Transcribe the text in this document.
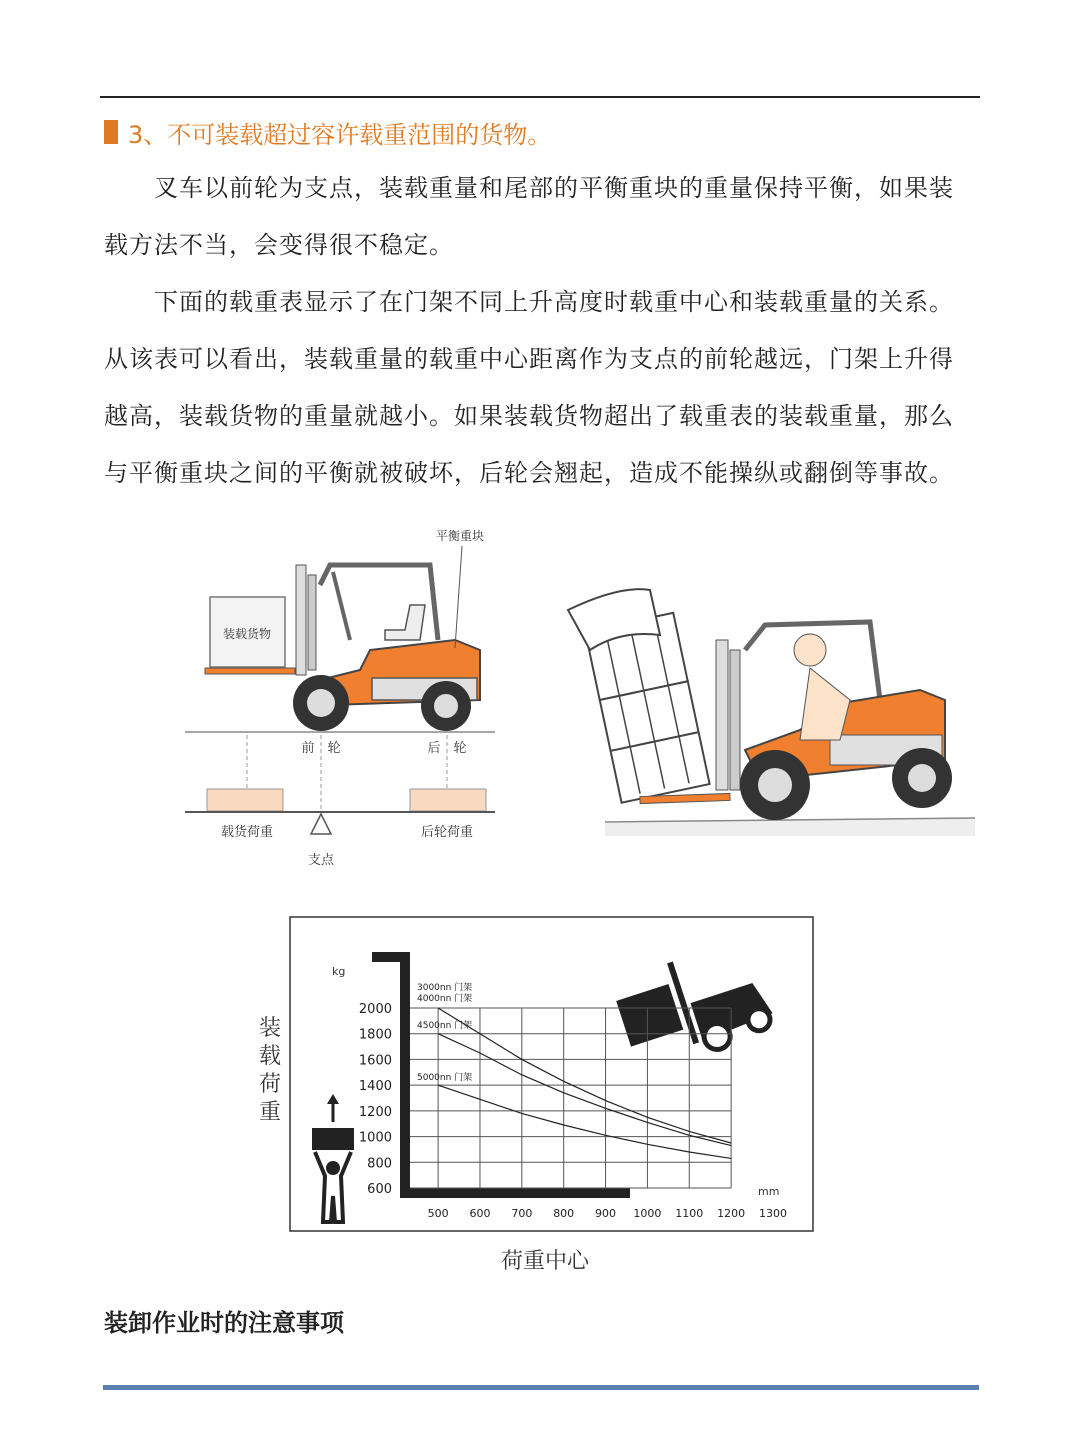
3、不可装载超过容许载重范围的货物。

叉车以前轮为支点，装载重量和尾部的平衡重块的重量保持平衡，如果装载方法不当，会变得很不稳定。

下面的载重表显示了在门架不同上升高度时载重中心和装载重量的关系。从该表可以看出，装载重量的载重中心距离作为支点的前轮越远，门架上升得越高，装载货物的重量就越小。如果装载货物超出了载重表的装载重量，那么与平衡重块之间的平衡就被破坏，后轮会翘起，造成不能操纵或翻倒等事故。

装载货物
平衡重块
前　轮	后　轮
载货荷重	后轮荷重
支点
装
载
荷
重
荷重中心
kg
mm
2000
1800
1600
1400
1200
1000
800
600
500 600 700 800 900 1000 1100 1200 1300
3000nn 门架
4000nn 门架
4500nn 门架
5000nn 门架
装卸作业时的注意事项
